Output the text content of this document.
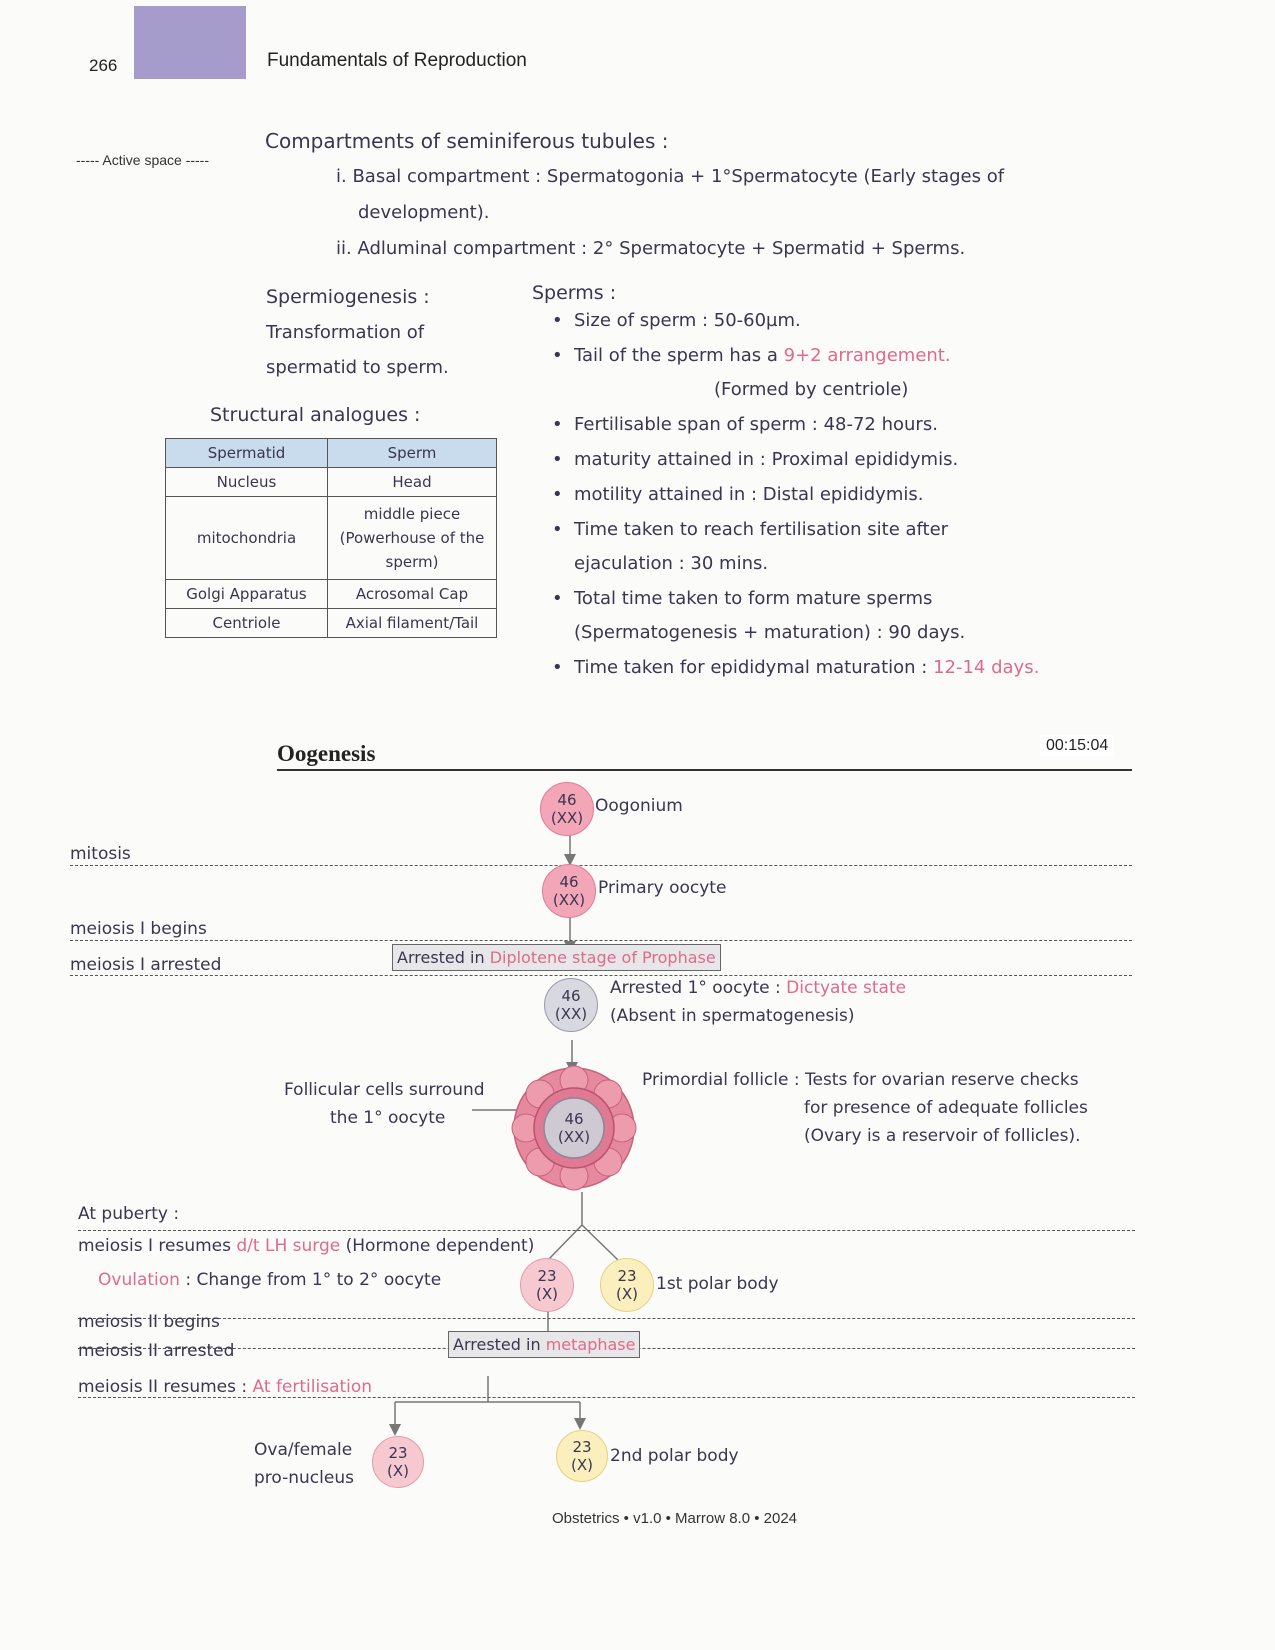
266	Fundamentals of Reproduction
----- Active space -----
Compartments of seminiferous tubules :
i. Basal compartment : Spermatogonia + 1°Spermatocyte (Early stages of
development).
ii. Adluminal compartment : 2° Spermatocyte + Spermatid + Sperms.
Spermiogenesis :
Transformation of
spermatid to sperm.
Structural analogues :
Spermatid	Sperm
Nucleus	Head
mitochondria	middle piece (Powerhouse of the sperm)
Golgi Apparatus	Acrosomal Cap
Centriole	Axial filament/Tail
Sperms :
• Size of sperm : 50-60µm.
• Tail of the sperm has a 9+2 arrangement.
(Formed by centriole)
• Fertilisable span of sperm : 48-72 hours.
• maturity attained in : Proximal epididymis.
• motility attained in : Distal epididymis.
• Time taken to reach fertilisation site after
ejaculation : 30 mins.
• Total time taken to form mature sperms
(Spermatogenesis + maturation) : 90 days.
• Time taken for epididymal maturation : 12-14 days.
Oogenesis	00:15:04
mitosis
meiosis I begins
meiosis I arrested
At puberty :
meiosis I resumes d/t LH surge (Hormone dependent)
Ovulation : Change from 1° to 2° oocyte
meiosis II begins
meiosis II arrested
meiosis II resumes : At fertilisation
Arrested in Diplotene stage of Prophase
Arrested in metaphase
46
(XX)
Oogonium
46
(XX)
Primary oocyte
46
(XX)
Arrested 1° oocyte : Dictyate state
(Absent in spermatogenesis)
46
(XX)
Follicular cells surround
the 1° oocyte
Primordial follicle : Tests for ovarian reserve checks
for presence of adequate follicles
(Ovary is a reservoir of follicles).
23
(X)
23
(X) 1st polar body
23
(X)
Ova/female
pro-nucleus
23
(X) 2nd polar body
Obstetrics • v1.0 • Marrow 8.0 • 2024
